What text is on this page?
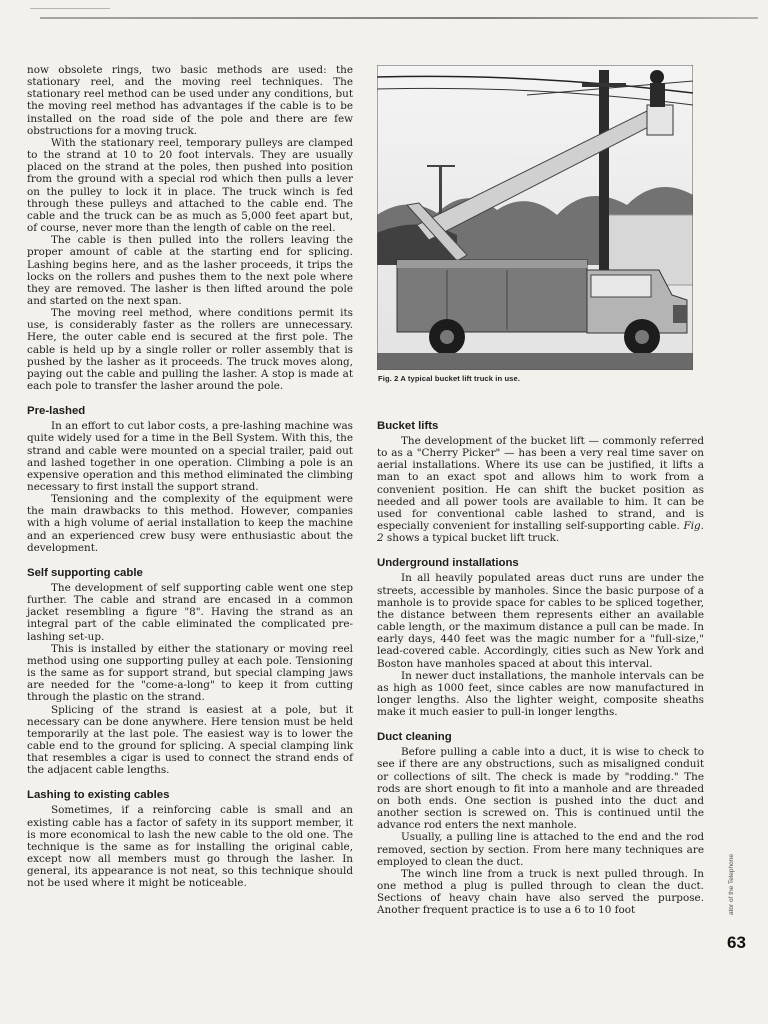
now obsolete rings, two basic methods are used: the stationary reel, and the moving reel techniques. The stationary reel method can be used under any conditions, but the moving reel method has advantages if the cable is to be installed on the road side of the pole and there are few obstructions for a moving truck.

With the stationary reel, temporary pulleys are clamped to the strand at 10 to 20 foot intervals. They are usually placed on the strand at the poles, then pushed into position from the ground with a special rod which then pulls a lever on the pulley to lock it in place. The truck winch is fed through these pulleys and attached to the cable end. The cable and the truck can be as much as 5,000 feet apart but, of course, never more than the length of cable on the reel.

The cable is then pulled into the rollers leaving the proper amount of cable at the starting end for splicing. Lashing begins here, and as the lasher proceeds, it trips the locks on the rollers and pushes them to the next pole where they are removed. The lasher is then lifted around the pole and started on the next span.

The moving reel method, where conditions permit its use, is considerably faster as the rollers are unnecessary. Here, the outer cable end is secured at the first pole. The cable is held up by a single roller or roller assembly that is pushed by the lasher as it proceeds. The truck moves along, paying out the cable and pulling the lasher. A stop is made at each pole to transfer the lasher around the pole.

Pre-lashed

In an effort to cut labor costs, a pre-lashing machine was quite widely used for a time in the Bell System. With this, the strand and cable were mounted on a special trailer, paid out and lashed together in one operation. Climbing a pole is an expensive operation and this method eliminated the climbing necessary to first install the support strand.

Tensioning and the complexity of the equipment were the main drawbacks to this method. However, companies with a high volume of aerial installation to keep the machine and an experienced crew busy were enthusiastic about the development.

Self supporting cable

The development of self supporting cable went one step further. The cable and strand are encased in a common jacket resembling a figure "8". Having the strand as an integral part of the cable eliminated the complicated pre-lashing set-up.

This is installed by either the stationary or moving reel method using one supporting pulley at each pole. Tensioning is the same as for support strand, but special clamping jaws are needed for the "come-a-long" to keep it from cutting through the plastic on the strand.

Splicing of the strand is easiest at a pole, but it necessary can be done anywhere. Here tension must be held temporarily at the last pole. The easiest way is to lower the cable end to the ground for splicing. A special clamping link that resembles a cigar is used to connect the strand ends of the adjacent cable lengths.

Lashing to existing cables

Sometimes, if a reinforcing cable is small and an existing cable has a factor of safety in its support member, it is more economical to lash the new cable to the old one. The technique is the same as for installing the original cable, except now all members must go through the lasher. In general, its appearance is not neat, so this technique should not be used where it might be noticeable.

Fig. 2 A typical bucket lift truck in use.
Bucket lifts

The development of the bucket lift — commonly referred to as a "Cherry Picker" — has been a very real time saver on aerial installations. Where its use can be justified, it lifts a man to an exact spot and allows him to work from a convenient position. He can shift the bucket position as needed and all power tools are available to him. It can be used for conventional cable lashed to strand, and is especially convenient for installing self-supporting cable. Fig. 2 shows a typical bucket lift truck.

Underground installations

In all heavily populated areas duct runs are under the streets, accessible by manholes. Since the basic purpose of a manhole is to provide space for cables to be spliced together, the distance between them represents either an available cable length, or the maximum distance a pull can be made. In early days, 440 feet was the magic number for a "full-size," lead-covered cable. Accordingly, cities such as New York and Boston have manholes spaced at about this interval.

In newer duct installations, the manhole intervals can be as high as 1000 feet, since cables are now manufactured in longer lengths. Also the lighter weight, composite sheaths make it much easier to pull-in longer lengths.

Duct cleaning

Before pulling a cable into a duct, it is wise to check to see if there are any obstructions, such as misaligned conduit or collections of silt. The check is made by "rodding." The rods are short enough to fit into a manhole and are threaded on both ends. One section is pushed into the duct and another section is screwed on. This is continued until the advance rod enters the next manhole.

Usually, a pulling line is attached to the end and the rod removed, section by section. From here many techniques are employed to clean the duct.

The winch line from a truck is next pulled through. In one method a plug is pulled through to clean the duct. Sections of heavy chain have also served the purpose. Another frequent practice is to use a 6 to 10 foot	ator of the Telephone
63
